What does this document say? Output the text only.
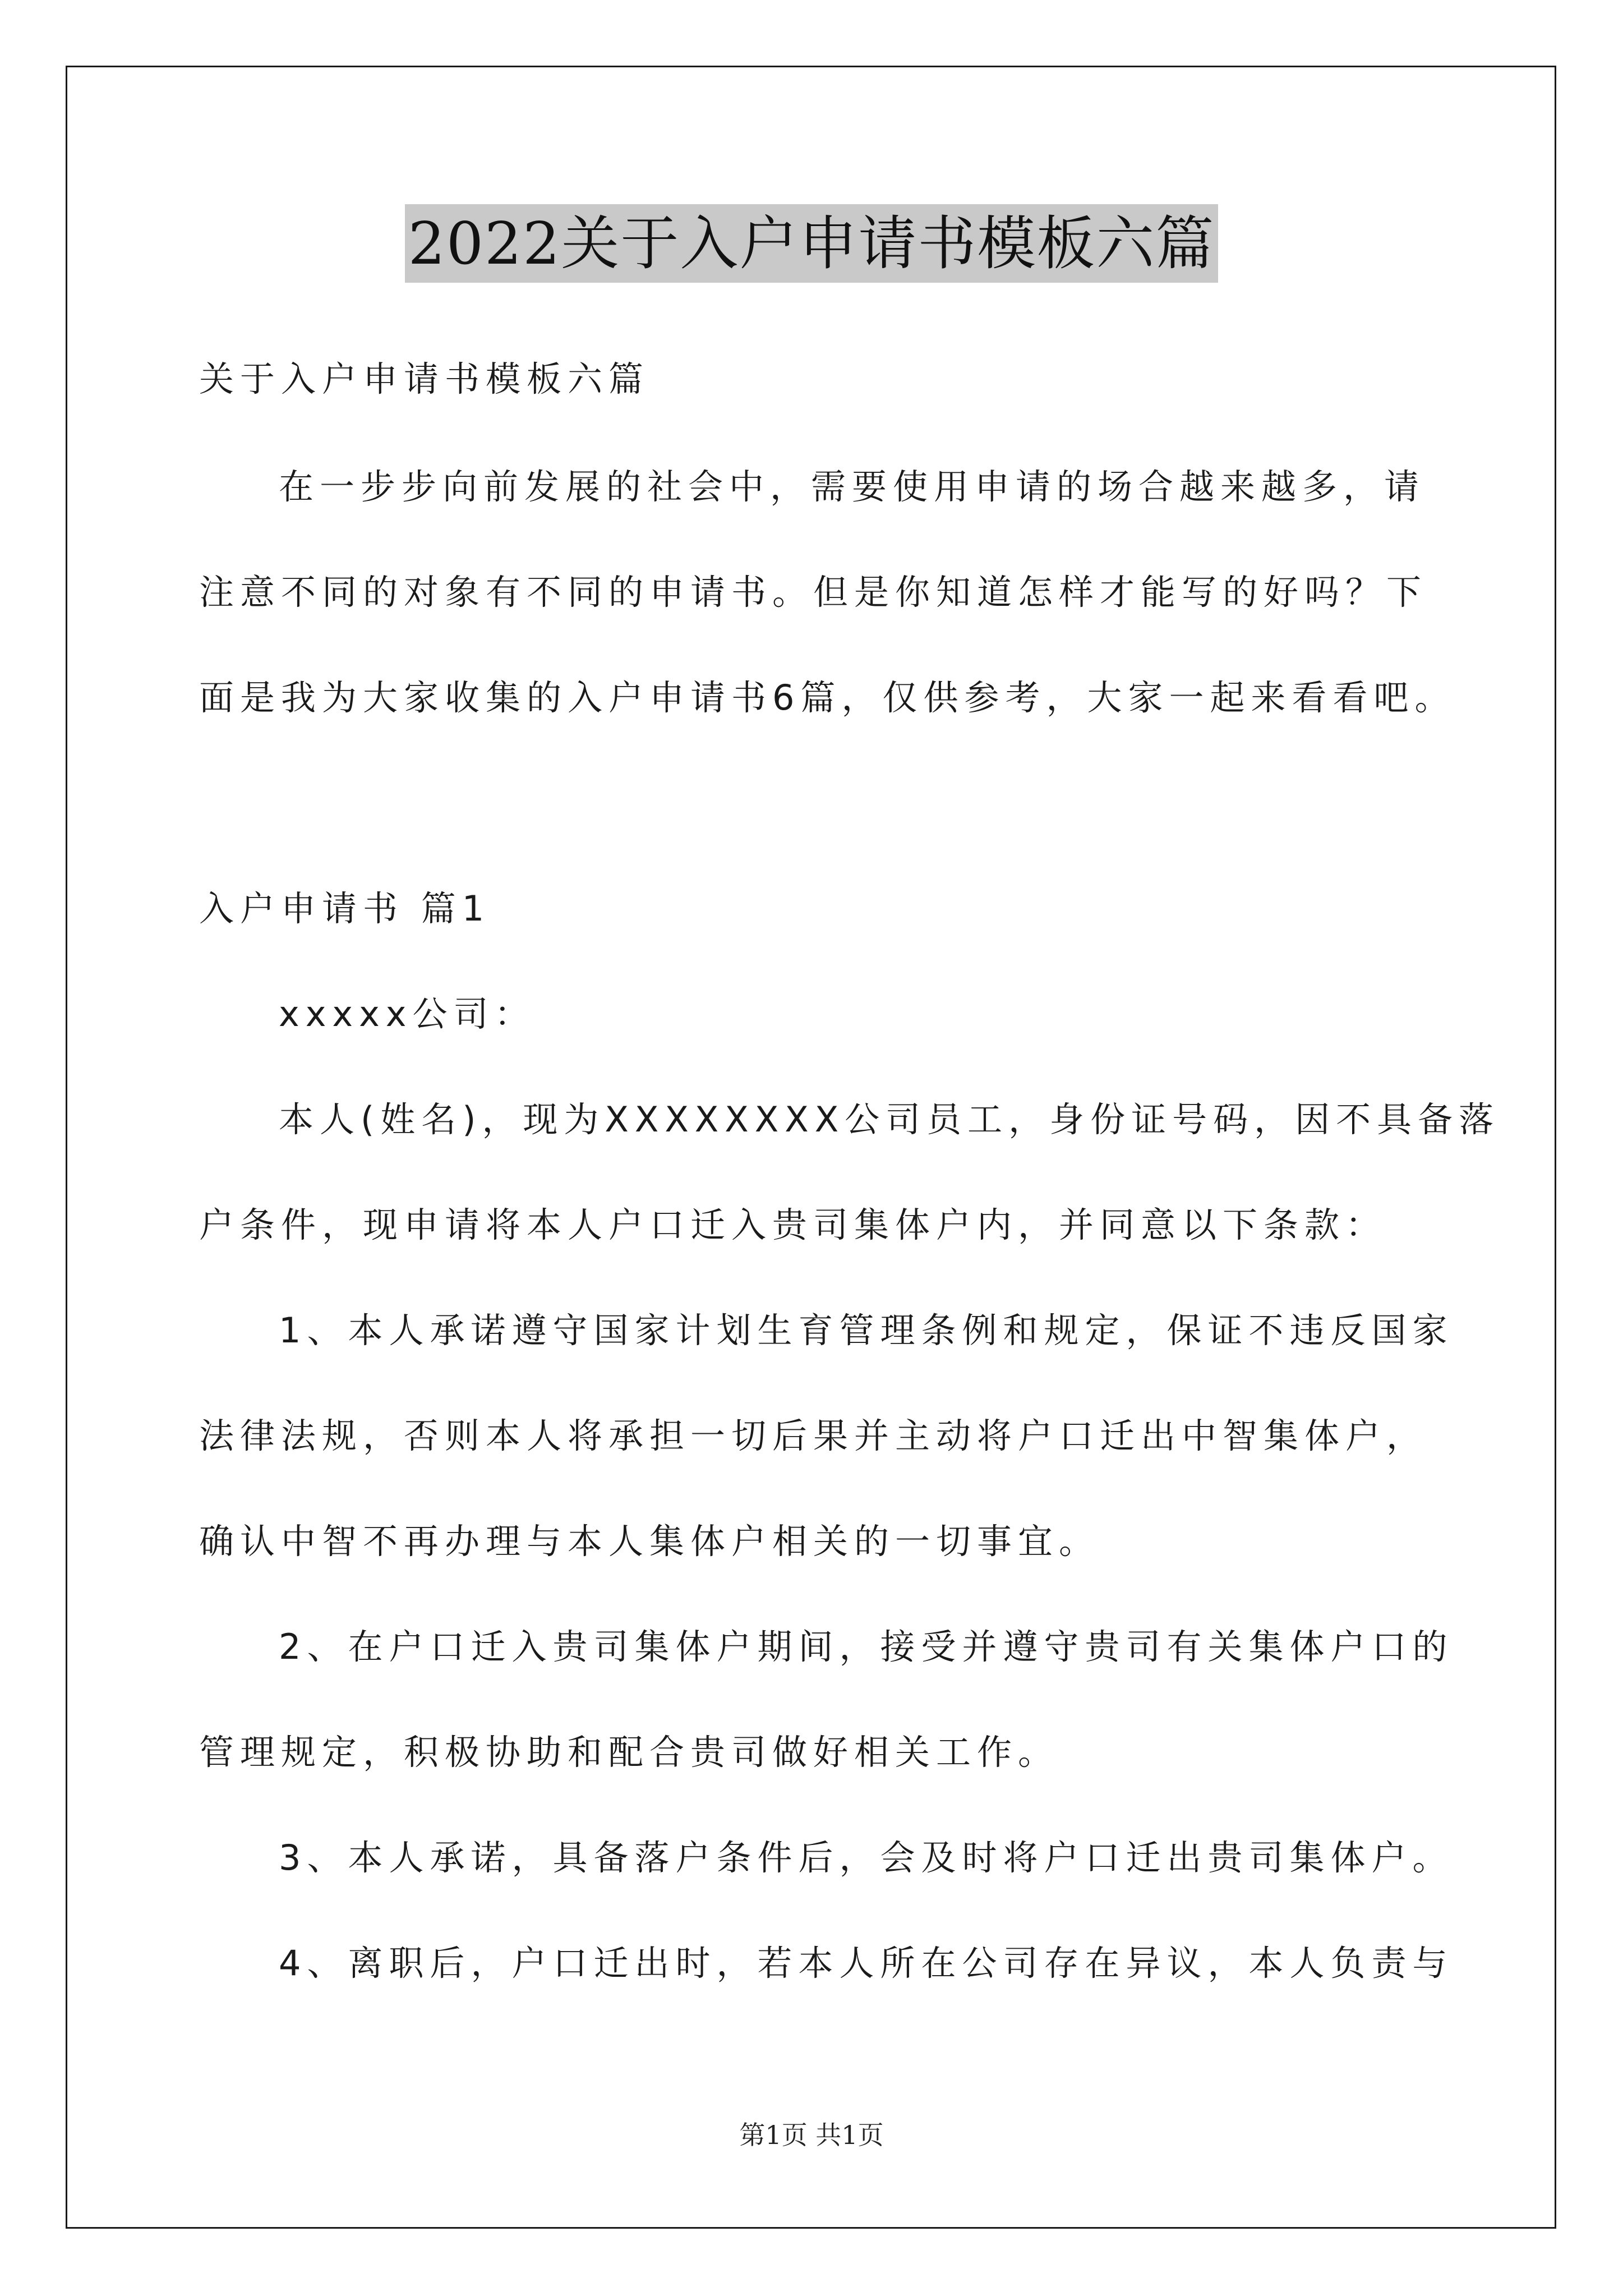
2022关于入户申请书模板六篇
关于入户申请书模板六篇
在一步步向前发展的社会中，需要使用申请的场合越来越多，请
注意不同的对象有不同的申请书。但是你知道怎样才能写的好吗？下
面是我为大家收集的入户申请书6篇，仅供参考，大家一起来看看吧。
入户申请书 篇1
xxxxx公司：
本人(姓名)，现为XXXXXXXX公司员工，身份证号码，因不具备落
户条件，现申请将本人户口迁入贵司集体户内，并同意以下条款：
1、本人承诺遵守国家计划生育管理条例和规定，保证不违反国家
法律法规，否则本人将承担一切后果并主动将户口迁出中智集体户，
确认中智不再办理与本人集体户相关的一切事宜。
2、在户口迁入贵司集体户期间，接受并遵守贵司有关集体户口的
管理规定，积极协助和配合贵司做好相关工作。
3、本人承诺，具备落户条件后，会及时将户口迁出贵司集体户。
4、离职后，户口迁出时，若本人所在公司存在异议，本人负责与
第1页 共1页
